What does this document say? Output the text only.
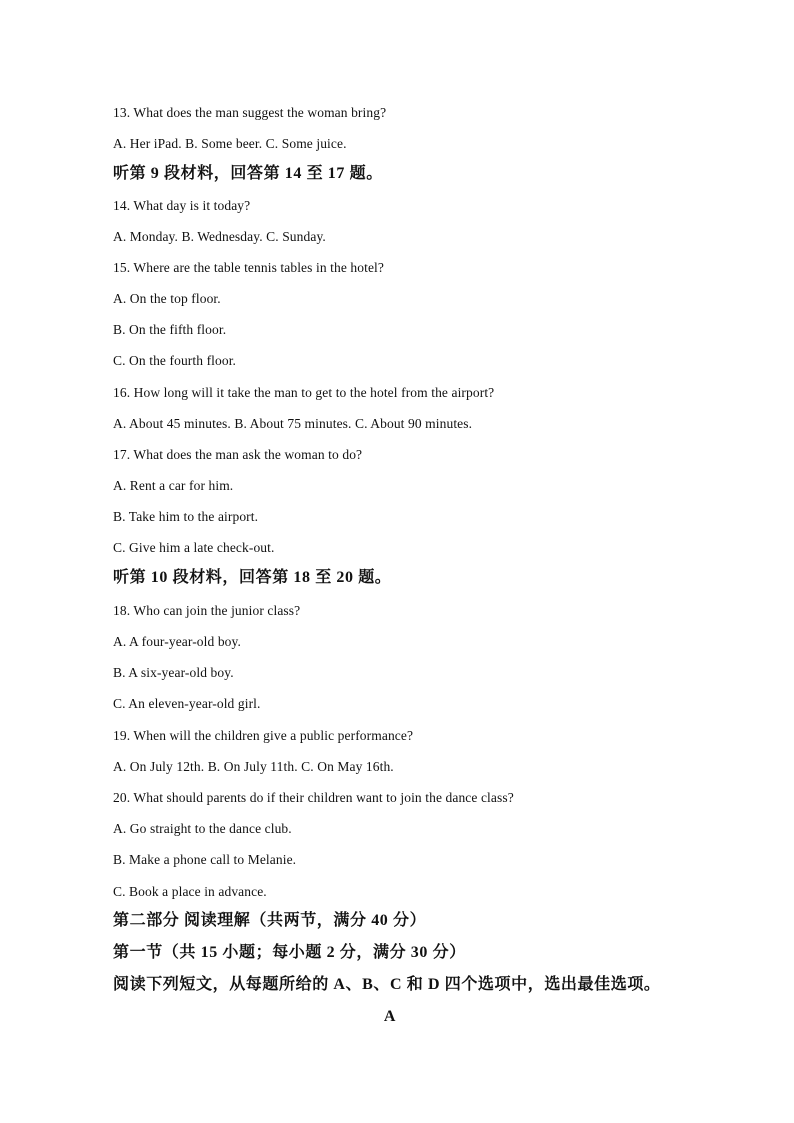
13. What does the man suggest the woman bring?
A. Her iPad. B. Some beer. C. Some juice.
听第 9 段材料，回答第 14 至 17 题。
14. What day is it today?
A. Monday. B. Wednesday. C. Sunday.
15. Where are the table tennis tables in the hotel?
A. On the top floor.
B. On the fifth floor.
C. On the fourth floor.
16. How long will it take the man to get to the hotel from the airport?
A. About 45 minutes. B. About 75 minutes. C. About 90 minutes.
17. What does the man ask the woman to do?
A. Rent a car for him.
B. Take him to the airport.
C. Give him a late check-out.
听第 10 段材料，回答第 18 至 20 题。
18. Who can join the junior class?
A. A four-year-old boy.
B. A six-year-old boy.
C. An eleven-year-old girl.
19. When will the children give a public performance?
A. On July 12th. B. On July 11th. C. On May 16th.
20. What should parents do if their children want to join the dance class?
A. Go straight to the dance club.
B. Make a phone call to Melanie.
C. Book a place in advance.
第二部分 阅读理解（共两节，满分 40 分）
第一节（共 15 小题；每小题 2 分，满分 30 分）
阅读下列短文，从每题所给的 A、B、C 和 D 四个选项中，选出最佳选项。
A
